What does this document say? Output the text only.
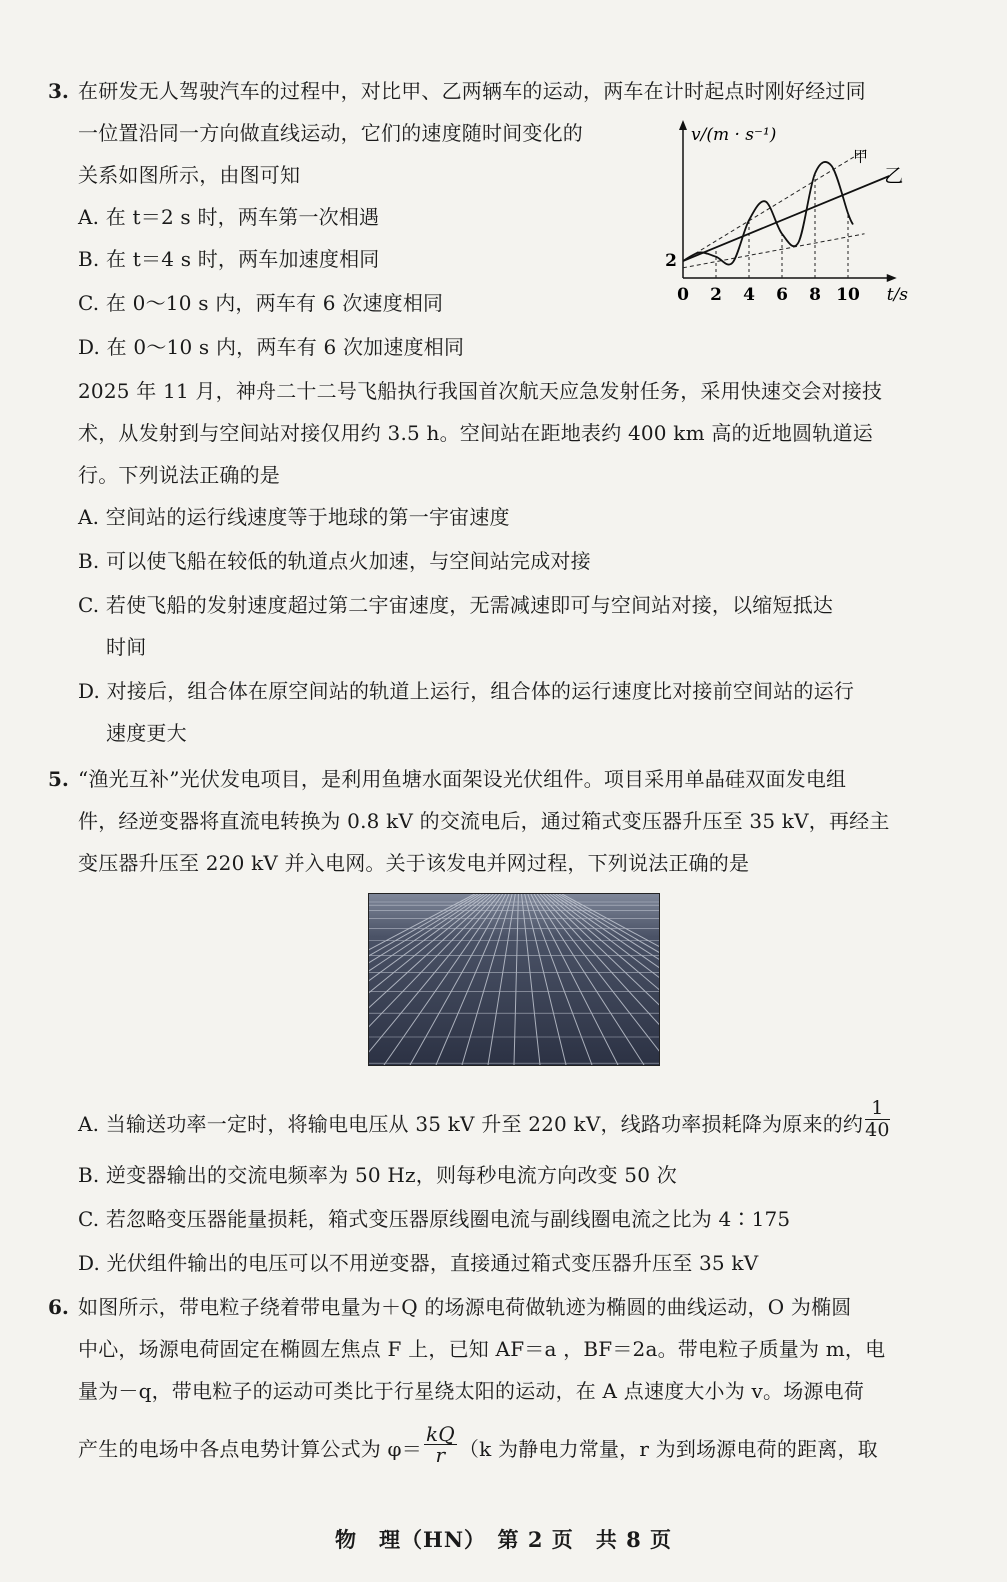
3. 在研发无人驾驶汽车的过程中，对比甲、乙两辆车的运动，两车在计时起点时刚好经过同
一位置沿同一方向做直线运动，它们的速度随时间变化的
关系如图所示，由图可知
A. 在 t＝2 s 时，两车第一次相遇
B. 在 t＝4 s 时，两车加速度相同
C. 在 0～10 s 内，两车有 6 次速度相同
D. 在 0～10 s 内，两车有 6 次加速度相同
0 2 4 6 8 10
2
v/(m · s⁻¹)
t/s
甲
乙
2025 年 11 月，神舟二十二号飞船执行我国首次航天应急发射任务，采用快速交会对接技
术，从发射到与空间站对接仅用约 3.5 h。空间站在距地表约 400 km 高的近地圆轨道运
行。下列说法正确的是
A. 空间站的运行线速度等于地球的第一宇宙速度
B. 可以使飞船在较低的轨道点火加速，与空间站完成对接
C. 若使飞船的发射速度超过第二宇宙速度，无需减速即可与空间站对接，以缩短抵达
时间
D. 对接后，组合体在原空间站的轨道上运行，组合体的运行速度比对接前空间站的运行
速度更大
5. “渔光互补”光伏发电项目，是利用鱼塘水面架设光伏组件。项目采用单晶硅双面发电组
件，经逆变器将直流电转换为 0.8 kV 的交流电后，通过箱式变压器升压至 35 kV，再经主
变压器升压至 220 kV 并入电网。关于该发电并网过程，下列说法正确的是
A. 当输送功率一定时，将输电电压从 35 kV 升至 220 kV，线路功率损耗降为原来的约 $\frac{1}{40}$
B. 逆变器输出的交流电频率为 50 Hz，则每秒电流方向改变 50 次
C. 若忽略变压器能量损耗，箱式变压器原线圈电流与副线圈电流之比为 4∶175
D. 光伏组件输出的电压可以不用逆变器，直接通过箱式变压器升压至 35 kV
6. 如图所示，带电粒子绕着带电量为＋Q 的场源电荷做轨迹为椭圆的曲线运动，O 为椭圆
中心，场源电荷固定在椭圆左焦点 F 上，已知 AF＝a ，BF＝2a。带电粒子质量为 m，电
量为－q，带电粒子的运动可类比于行星绕太阳的运动，在 A 点速度大小为 v。场源电荷
产生的电场中各点电势计算公式为 $\varphi= \frac{kQ}{r} (k$ 为静电力常量，r 为到场源电荷的距离，取
物　理（HN）　第 2 页　共 8 页
